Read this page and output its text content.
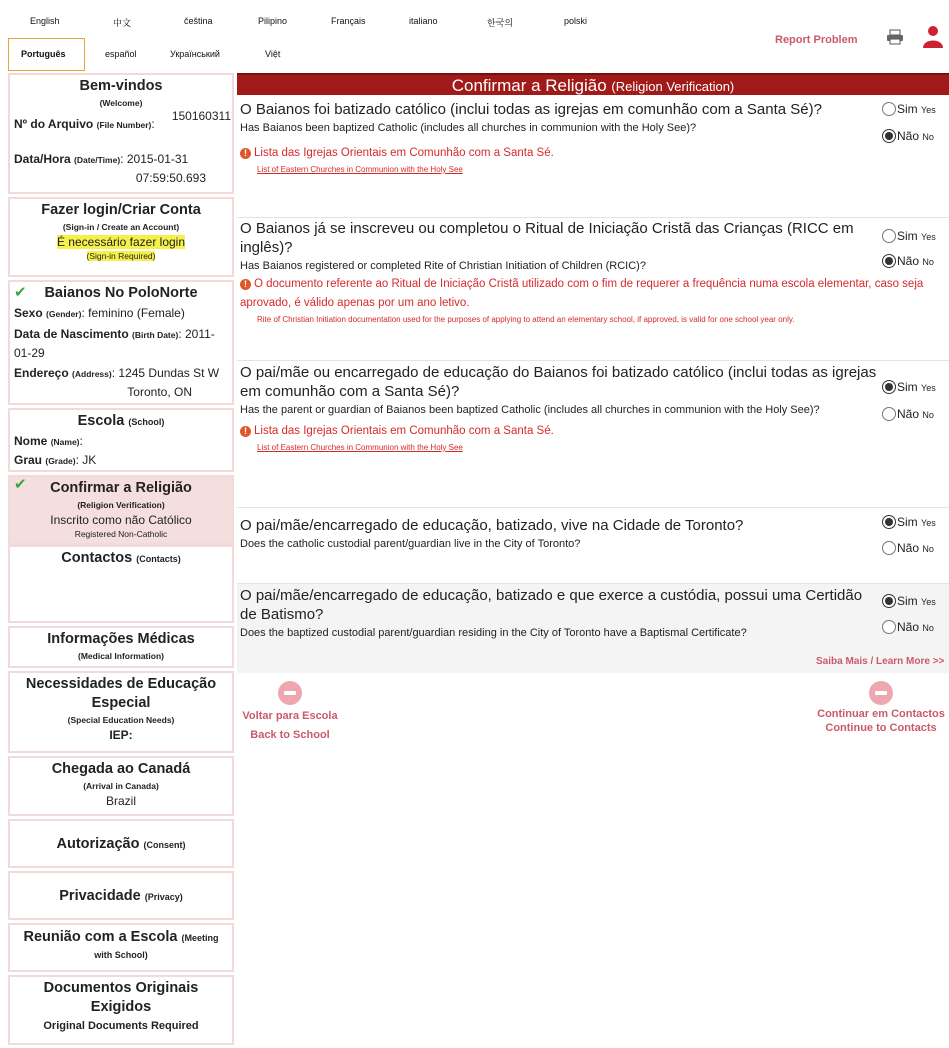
English	中文	čeština	Pilipino	Français	italiano	한국의	polski
Português	español	Український	Việt
Report Problem
Bem-vindos
(Welcome)
Nº do Arquivo (File Number):
150160311
Data/Hora (Date/Time): 2015-01-31
07:59:50.693
Fazer login/Criar Conta
(Sign-in / Create an Account)
É necessário fazer login
(Sign-in Required)
✔	Baianos No PoloNorte
Sexo (Gender): feminino (Female)
Data de Nascimento (Birth Date): 2011-
01-29
Endereço (Address): 1245 Dundas St W
Toronto, ON
Escola (School)
Nome (Name):
Grau (Grade): JK
✔	Confirmar a Religião
(Religion Verification)
Inscrito como não Católico
Registered Non-Catholic
Contactos (Contacts)
Informações Médicas
(Medical Information)
Necessidades de Educação
Especial
(Special Education Needs)
IEP:
Chegada ao Canadá
(Arrival in Canada)
Brazil
Autorização (Consent)
Privacidade (Privacy)
Reunião com a Escola (Meeting
with School)
Documentos Originais
Exigidos
Original Documents Required
Confirmar a Religião (Religion Verification)
O Baianos foi batizado católico (inclui todas as igrejas em comunhão com a Santa Sé)?
Has Baianos been baptized Catholic (includes all churches in communion with the Holy See)?
! Lista das Igrejas Orientais em Comunhão com a Santa Sé.
List of Eastern Churches in Communion with the Holy See
Sim Yes
Não No
O Baianos já se inscreveu ou completou o Ritual de Iniciação Cristã das Crianças (RICC em inglês)?
Has Baianos registered or completed Rite of Christian Initiation of Children (RCIC)?
! O documento referente ao Ritual de Iniciação Cristã utilizado com o fim de requerer a frequência numa escola elementar, caso seja aprovado, é válido apenas por um ano letivo.
Rite of Christian Initiation documentation used for the purposes of applying to attend an elementary school, if approved, is valid for one school year only.
Sim Yes
Não No
O pai/mãe ou encarregado de educação do Baianos foi batizado católico (inclui todas as igrejas em comunhão com a Santa Sé)?
Has the parent or guardian of Baianos been baptized Catholic (includes all churches in communion with the Holy See)?
! Lista das Igrejas Orientais em Comunhão com a Santa Sé.
List of Eastern Churches in Communion with the Holy See
Sim Yes
Não No
O pai/mãe/encarregado de educação, batizado, vive na Cidade de Toronto?
Does the catholic custodial parent/guardian live in the City of Toronto?
Sim Yes
Não No
O pai/mãe/encarregado de educação, batizado e que exerce a custódia, possui uma Certidão de Batismo?
Does the baptized custodial parent/guardian residing in the City of Toronto have a Baptismal Certificate?
Sim Yes
Não No
Saiba Mais / Learn More >>
Voltar para Escola
Back to School
Continuar em Contactos
Continue to Contacts
